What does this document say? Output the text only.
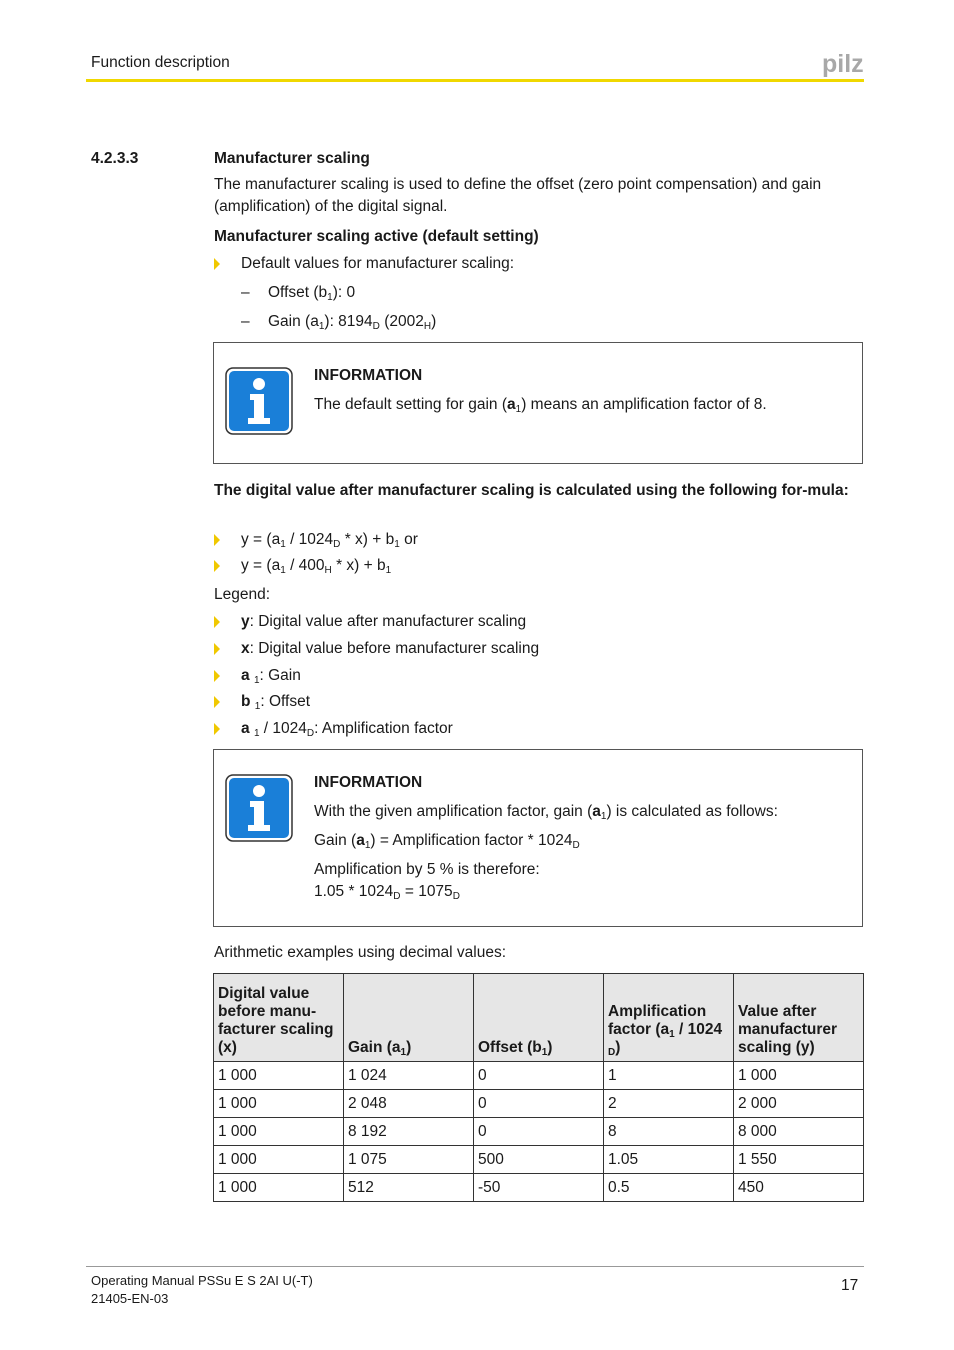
Function description	pilz
4.2.3.3	Manufacturer scaling
The manufacturer scaling is used to define the offset (zero point compensation) and gain (amplification) of the digital signal.
Manufacturer scaling active (default setting)
Default values for manufacturer scaling:
– Offset $(b_1)$: 0
– Gain $(a_1)$: $8194_D$ $(2002_H)$
INFORMATION
The default setting for gain $(a_1)$ means an amplification factor of 8.
The digital value after manufacturer scaling is calculated using the following for-mula:
$y = (a_1 / 1024_D * x) + b_1$ or
$y = (a_1 / 400_H * x) + b_1$
Legend:
y: Digital value after manufacturer scaling
x: Digital value before manufacturer scaling
a $_1$: Gain
b $_1$: Offset
a $_1 / 1024_D$: Amplification factor
INFORMATION
With the given amplification factor, gain $(a_1)$ is calculated as follows:
Gain $(a_1)$ = Amplification factor * $1024_D$
Amplification by 5 % is therefore:
$1.05 * 1024_D = 1075_D$
Arithmetic examples using decimal values:
Digital value before manu-facturer scaling (x)	Gain $(a_1)$	Offset $(b_1)$	Amplification factor ($a_1 / 1024$ $_D$)	Value after manufacturer scaling (y)
1 000	1 024	0	1	1 000
1 000	2 048	0	2	2 000
1 000	8 192	0	8	8 000
1 000	1 075	500	1.05	1 550
1 000	512	-50	0.5	450
Operating Manual PSSu E S 2AI U(-T)
21405-EN-03
17
